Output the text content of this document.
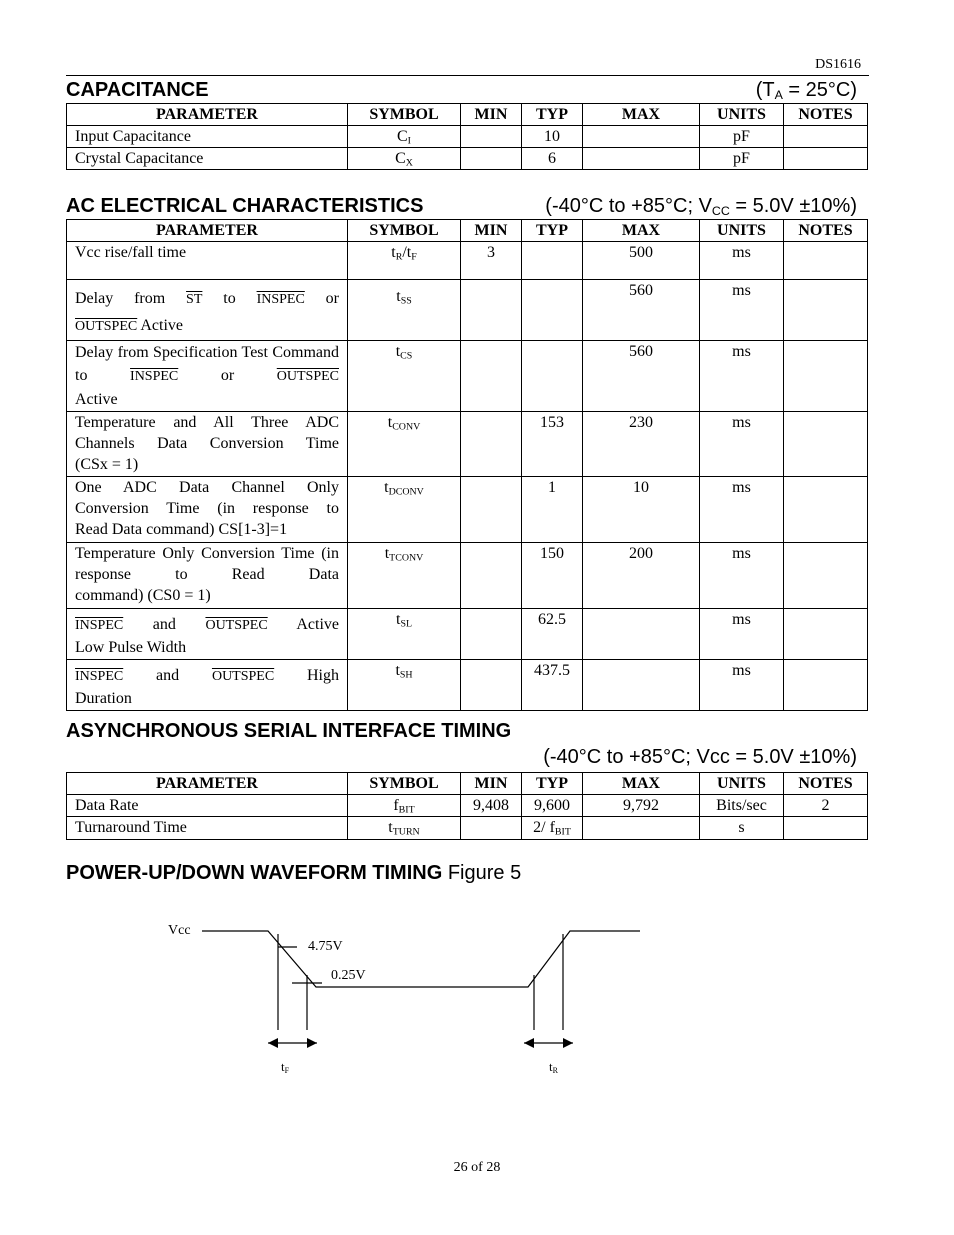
DS1616
CAPACITANCE	$(T_A = 25^\circ C)$
PARAMETER	SYMBOL	MIN	TYP	MAX	UNITS	NOTES
Input Capacitance	$C_I$		10		pF	
Crystal Capacitance	$C_X$		6		pF	
AC ELECTRICAL CHARACTERISTICS	(-40°C to +85°C; $V_{CC} = 5.0V \pm 10\%$)
PARAMETER	SYMBOL	MIN	TYP	MAX	UNITS	NOTES
Vcc rise/fall time	$t_R/t_F$	3		500	ms	
Delay from $\overline{ST}$ to INSPEC or
OUTSPEC Active	$t_{SS}$			560	ms	
Delay from Specification Test Command to INSPEC or OUTSPEC
Active	$t_{CS}$			560	ms	
Temperature and All Three ADC Channels Data Conversion Time
(CSx = 1)	$t_{CONV}$		153	230	ms	
One ADC Data Channel Only Conversion Time (in response to
Read Data command) CS[1-3]=1	$t_{DCONV}$		1	10	ms	
Temperature Only Conversion Time (in response to Read Data
command) (CS0 = 1)	$t_{TCONV}$		150	200	ms	
INSPEC and OUTSPEC Active
Low Pulse Width	$t_{SL}$		62.5		ms	
INSPEC and OUTSPEC High
Duration	$t_{SH}$		437.5		ms	
ASYNCHRONOUS SERIAL INTERFACE TIMING
(-40°C to +85°C; Vcc = 5.0V ±10%)
PARAMETER	SYMBOL	MIN	TYP	MAX	UNITS	NOTES
Data Rate	$f_{BIT}$	9,408	9,600	9,792	Bits/sec	2
Turnaround Time	$t_{TURN}$		2/ $f_{BIT}$		s	
POWER-UP/DOWN WAVEFORM TIMING Figure 5
Vcc
4.75V
0.25V
tF	tR
26 of 28
